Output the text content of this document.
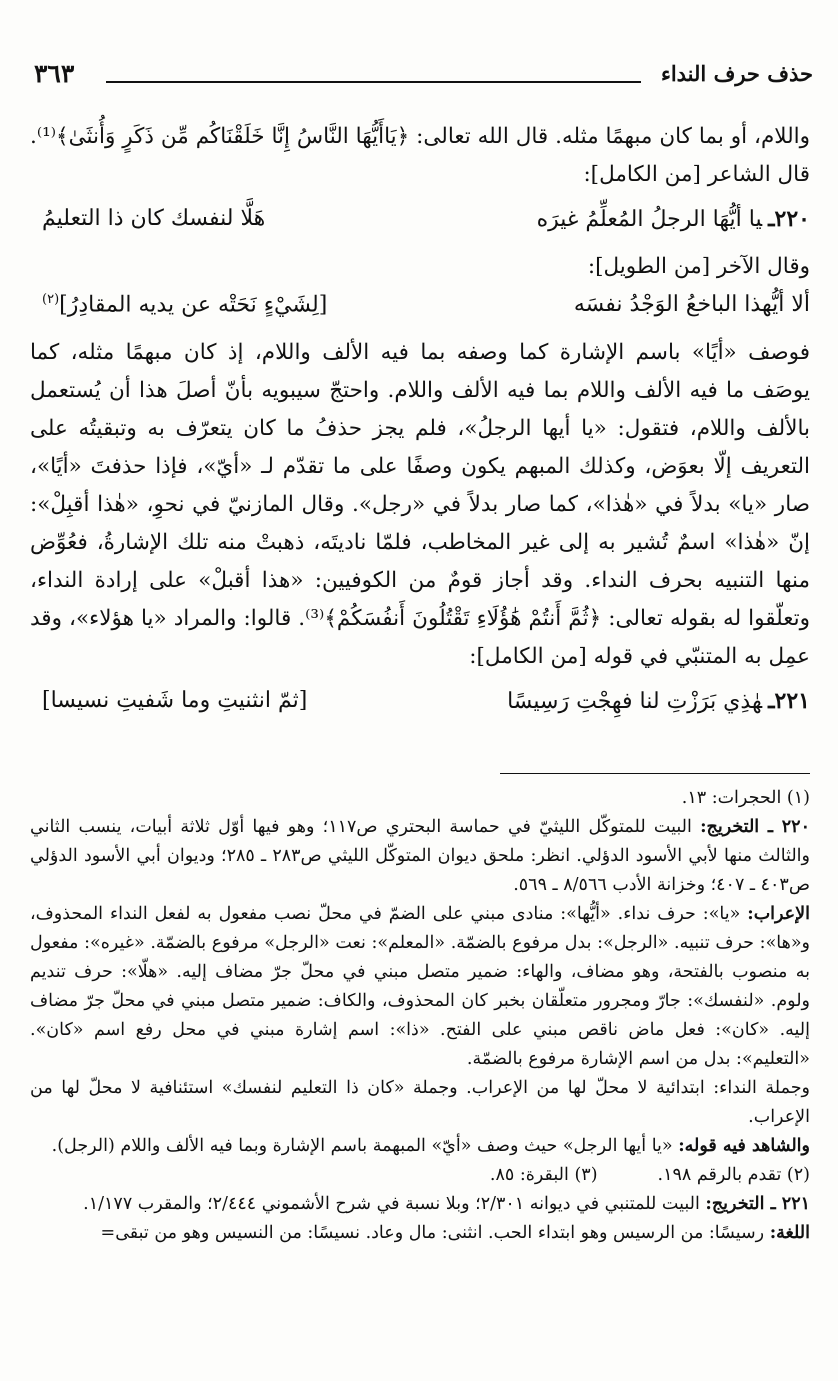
حذف حرف النداء
٣٦٣

واللام، أو بما كان مبهمًا مثله. قال الله تعالى: ﴿يَاأَيُّهَا النَّاسُ إِنَّا خَلَقْنَاكُم مِّن ذَكَرٍ وَأُنثَىٰ﴾⁽¹⁾. قال الشاعر [من الكامل]:

٢٢٠ـيا أيُّهَا الرجلُ المُعلِّمُ غيرَه
هَلَّا لنفسك كان ذا التعليمُ
وقال الآخر [من الطويل]:
ألا أيُّهذا الباخعُ الوَجْدُ نفسَه
[لِشَيْءٍ نَحَتْه عن يديه المقادِرُ]$^{(٢)}$

فوصف «أيًا» باسم الإشارة كما وصفه بما فيه الألف واللام، إذ كان مبهمًا مثله، كما يوصَف ما فيه الألف واللام بما فيه الألف واللام. واحتجّ سيبويه بأنّ أصلَ هذا أن يُستعمل بالألف واللام، فتقول: «يا أيها الرجلُ»، فلم يجز حذفُ ما كان يتعرّف به وتبقيتُه على التعريف إلّا بعوَض، وكذلك المبهم يكون وصفًا على ما تقدّم لـ «أيّ»، فإذا حذفتَ «أيًا»، صار «يا» بدلاً في «هٰذا»، كما صار بدلاً في «رجل». وقال المازنيّ في نحوِ، «هٰذا أقبِلْ»: إنّ «هٰذا» اسمٌ تُشير به إلى غير المخاطب، فلمّا ناديتَه، ذهبتْ منه تلك الإشارةُ، فعُوِّض منها التنبيه بحرف النداء. وقد أجاز قومٌ من الكوفيين: «هذا أقبلْ» على إرادة النداء، وتعلّقوا له بقوله تعالى: ﴿ثُمَّ أَنتُمْ هَٰؤُلَاءِ تَقْتُلُونَ أَنفُسَكُمْ﴾⁽³⁾. قالوا: والمراد «يا هؤلاء»، وقد عمِل به المتنبّي في قوله [من الكامل]:

٢٢١ـهٰذِي بَرَزْتِ لنا فهِجْتِ رَسِيسًا
[ثمّ انثنيتِ وما شَفيتِ نسيسا]

(١) الحجرات: ١٣.

٢٢٠ ـ التخريج: البيت للمتوكّل الليثيّ في حماسة البحتري ص١١٧؛ وهو فيها أوّل ثلاثة أبيات، ينسب الثاني والثالث منها لأبي الأسود الدؤلي. انظر: ملحق ديوان المتوكّل الليثي ص٢٨٣ ـ ٢٨٥؛ وديوان أبي الأسود الدؤلي ص٤٠٣ ـ ٤٠٧؛ وخزانة الأدب ٨/٥٦٦ ـ ٥٦٩.

الإعراب: «يا»: حرف نداء. «أيُّها»: منادى مبني على الضمّ في محلّ نصب مفعول به لفعل النداء المحذوف، و«ها»: حرف تنبيه. «الرجل»: بدل مرفوع بالضمّة. «المعلم»: نعت «الرجل» مرفوع بالضمّة. «غيره»: مفعول به منصوب بالفتحة، وهو مضاف، والهاء: ضمير متصل مبني في محلّ جرّ مضاف إليه. «هلّا»: حرف تنديم ولوم. «لنفسك»: جارّ ومجرور متعلّقان بخبر كان المحذوف، والكاف: ضمير متصل مبني في محلّ جرّ مضاف إليه. «كان»: فعل ماض ناقص مبني على الفتح. «ذا»: اسم إشارة مبني في محل رفع اسم «كان». «التعليم»: بدل من اسم الإشارة مرفوع بالضمّة.

وجملة النداء: ابتدائية لا محلّ لها من الإعراب. وجملة «كان ذا التعليم لنفسك» استئنافية لا محلّ لها من الإعراب.

والشاهد فيه قوله: «يا أيها الرجل» حيث وصف «أيّ» المبهمة باسم الإشارة وبما فيه الألف واللام (الرجل).

(٢) تقدم بالرقم ١٩٨.
(٣) البقرة: ٨٥.

٢٢١ ـ التخريج: البيت للمتنبي في ديوانه ٢/٣٠١؛ وبلا نسبة في شرح الأشموني ٢/٤٤٤؛ والمقرب ١/١٧٧.

اللغة: رسيسًا: من الرسيس وهو ابتداء الحب. انثنى: مال وعاد. نسيسًا: من النسيس وهو من تبقى=
